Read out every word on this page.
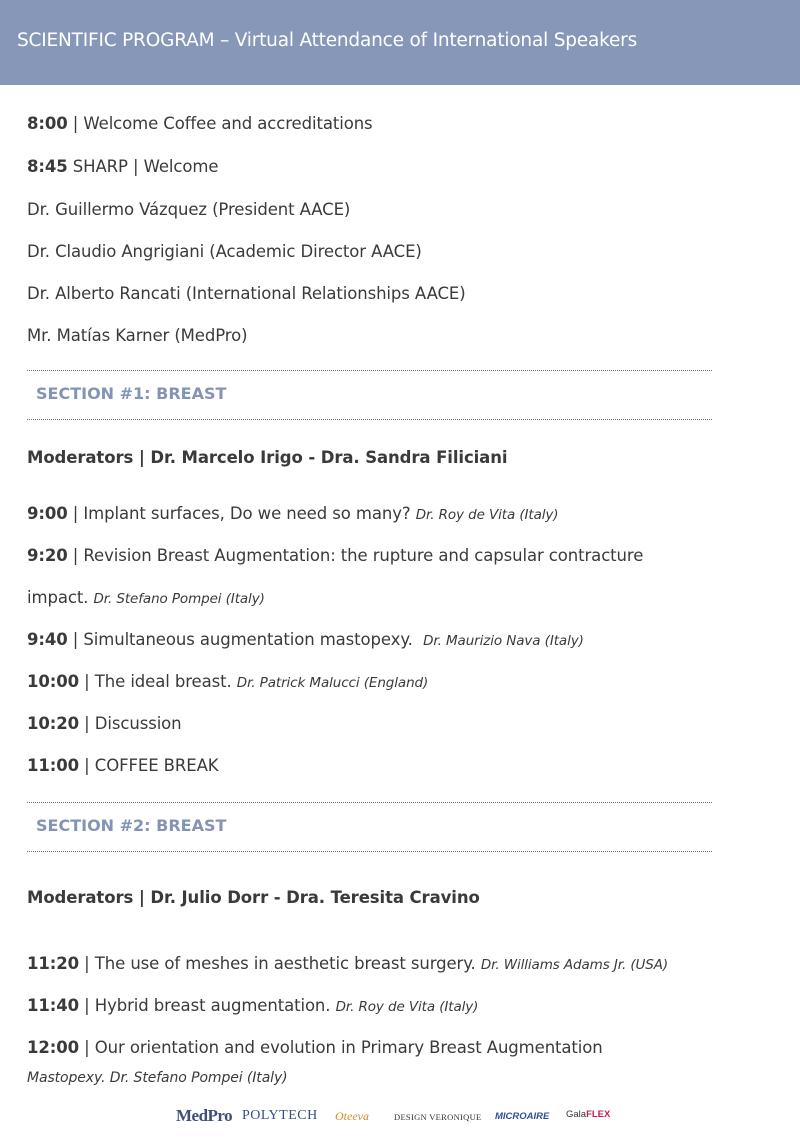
SCIENTIFIC PROGRAM – Virtual Attendance of International Speakers
8:00 | Welcome Coffee and accreditations
8:45 SHARP | Welcome
Dr. Guillermo Vázquez (President AACE)
Dr. Claudio Angrigiani (Academic Director AACE)
Dr. Alberto Rancati (International Relationships AACE)
Mr. Matías Karner (MedPro)
SECTION #1: BREAST
Moderators | Dr. Marcelo Irigo - Dra. Sandra Filiciani
9:00 | Implant surfaces, Do we need so many? Dr. Roy de Vita (Italy)
9:20 | Revision Breast Augmentation: the rupture and capsular contracture
impact. Dr. Stefano Pompei (Italy)
9:40 | Simultaneous augmentation mastopexy.  Dr. Maurizio Nava (Italy)
10:00 | The ideal breast. Dr. Patrick Malucci (England)
10:20 | Discussion
11:00 | COFFEE BREAK
SECTION #2: BREAST
Moderators | Dr. Julio Dorr - Dra. Teresita Cravino
11:20 | The use of meshes in aesthetic breast surgery. Dr. Williams Adams Jr. (USA)
11:40 | Hybrid breast augmentation. Dr. Roy de Vita (Italy)
12:00 | Our orientation and evolution in Primary Breast Augmentation
Mastopexy. Dr. Stefano Pompei (Italy)
MedPro POLYTECH Oteeva	DESIGN VERONIQUE MICROAIRE GalaFLEX
